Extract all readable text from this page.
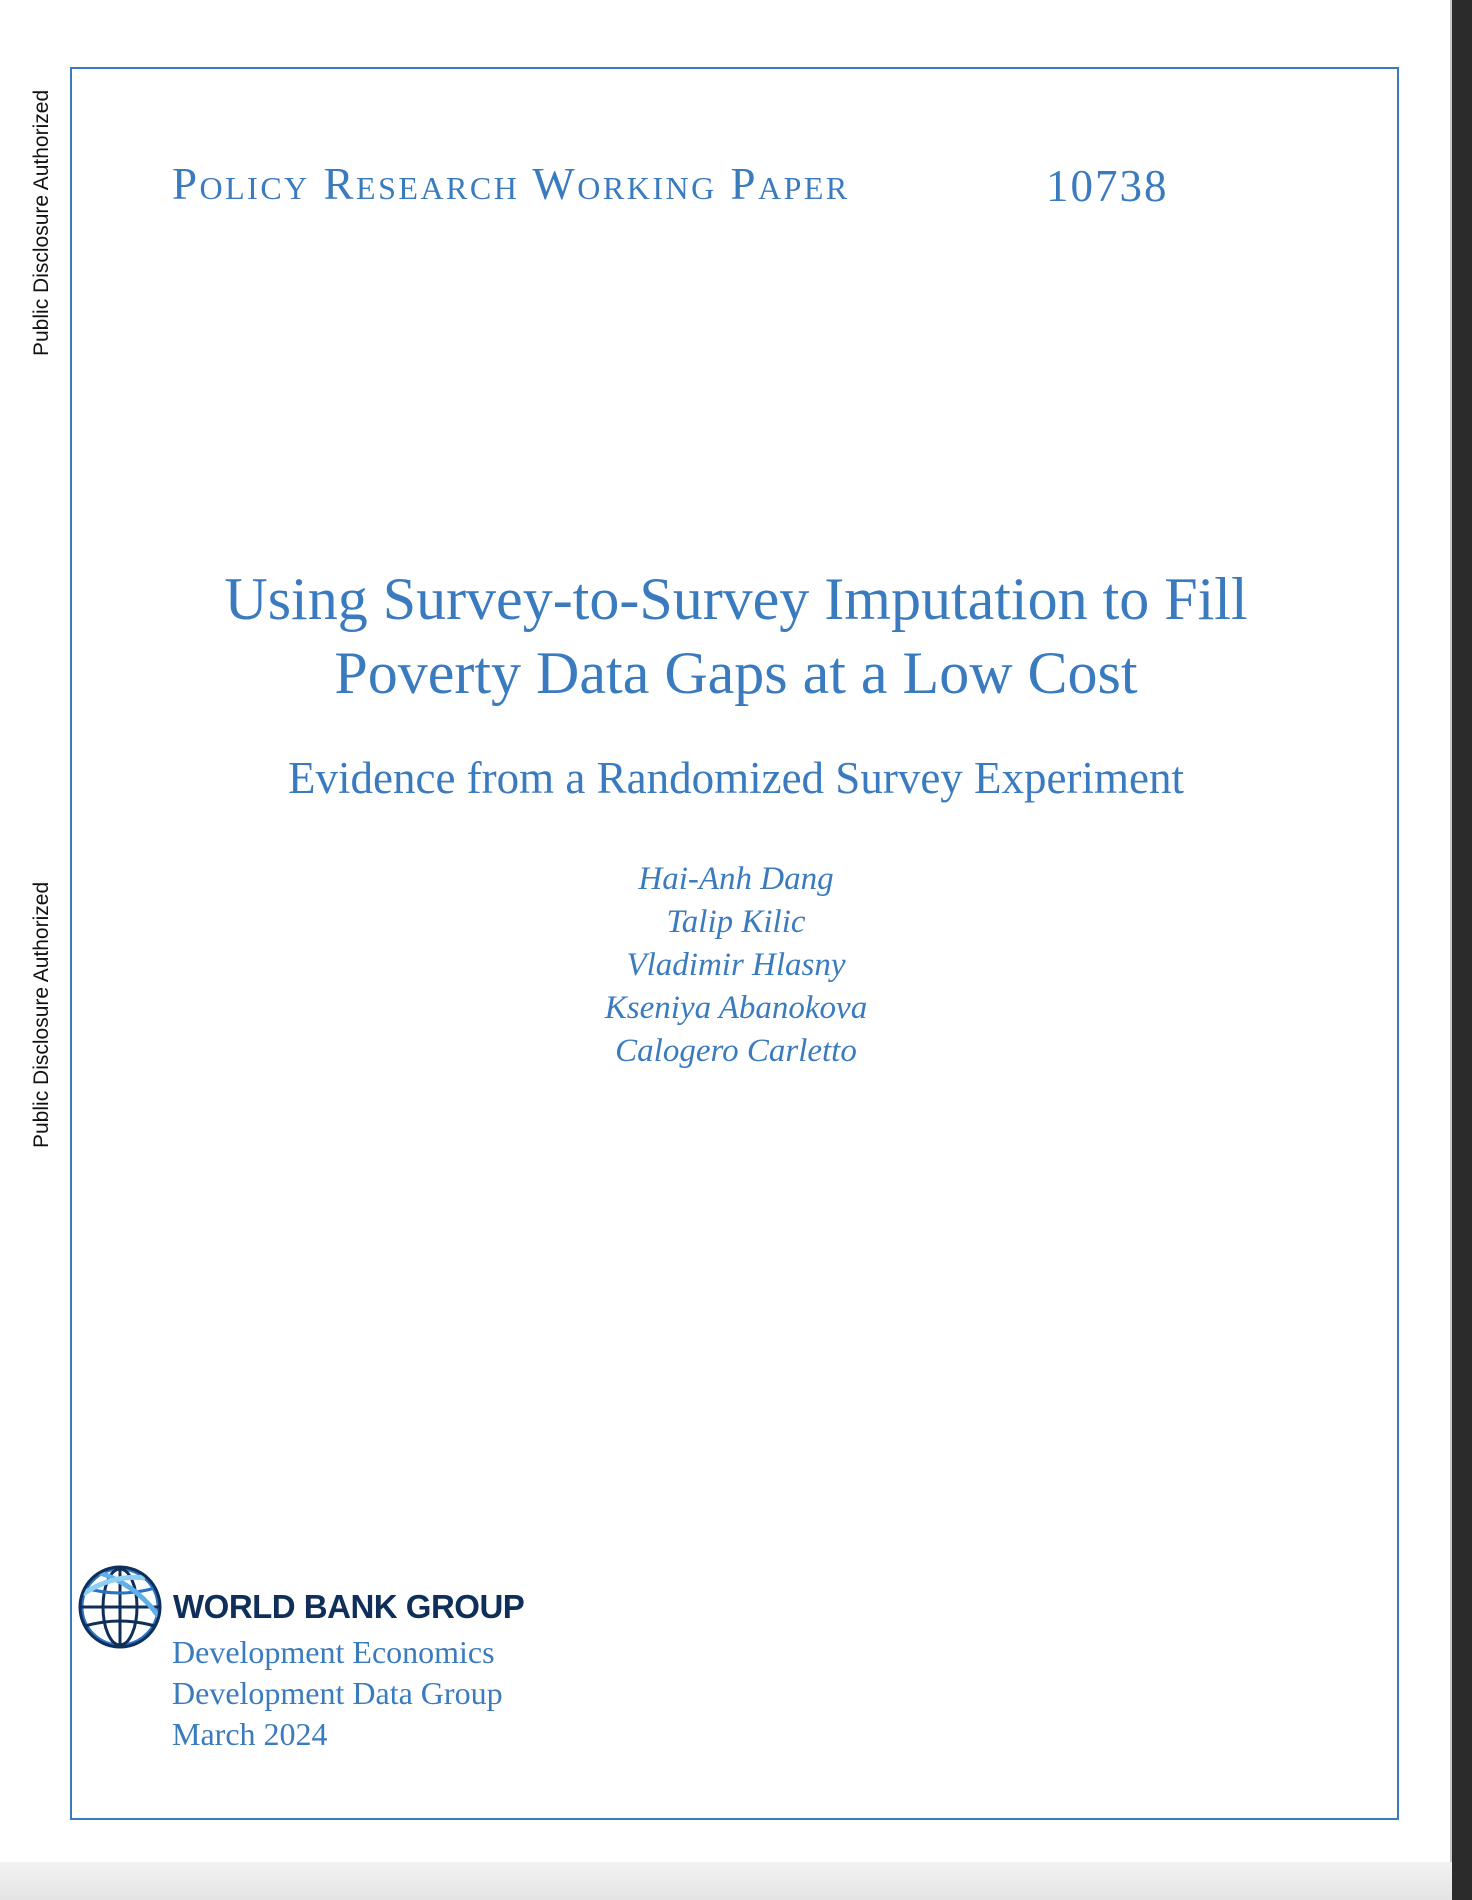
Public Disclosure Authorized
Public Disclosure Authorized
Policy Research Working Paper	10738
Using Survey-to-Survey Imputation to Fill
Poverty Data Gaps at a Low Cost
Evidence from a Randomized Survey Experiment
Hai-Anh Dang
Talip Kilic
Vladimir Hlasny
Kseniya Abanokova
Calogero Carletto
WORLD BANK GROUP
Development Economics
Development Data Group
March 2024
